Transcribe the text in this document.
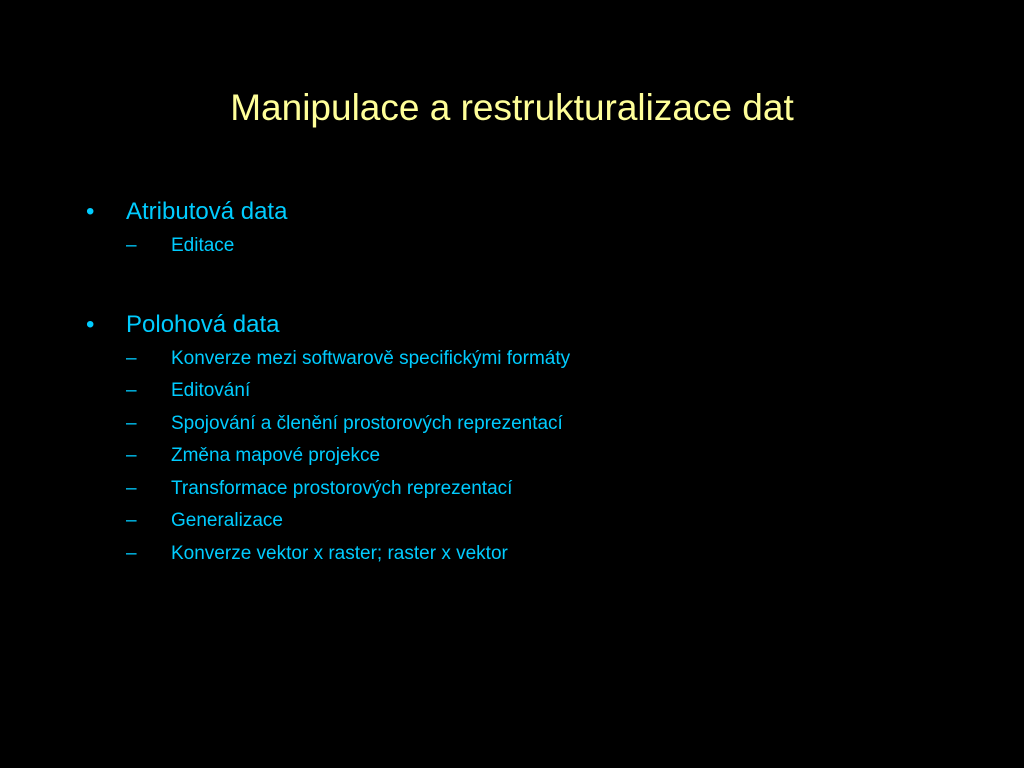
Manipulace a restrukturalizace dat
• Atributová data
– Editace
• Polohová data
– Konverze mezi softwarově specifickými formáty
– Editování
– Spojování a členění prostorových reprezentací
– Změna mapové projekce
– Transformace prostorových reprezentací
– Generalizace
– Konverze vektor x raster; raster x vektor
